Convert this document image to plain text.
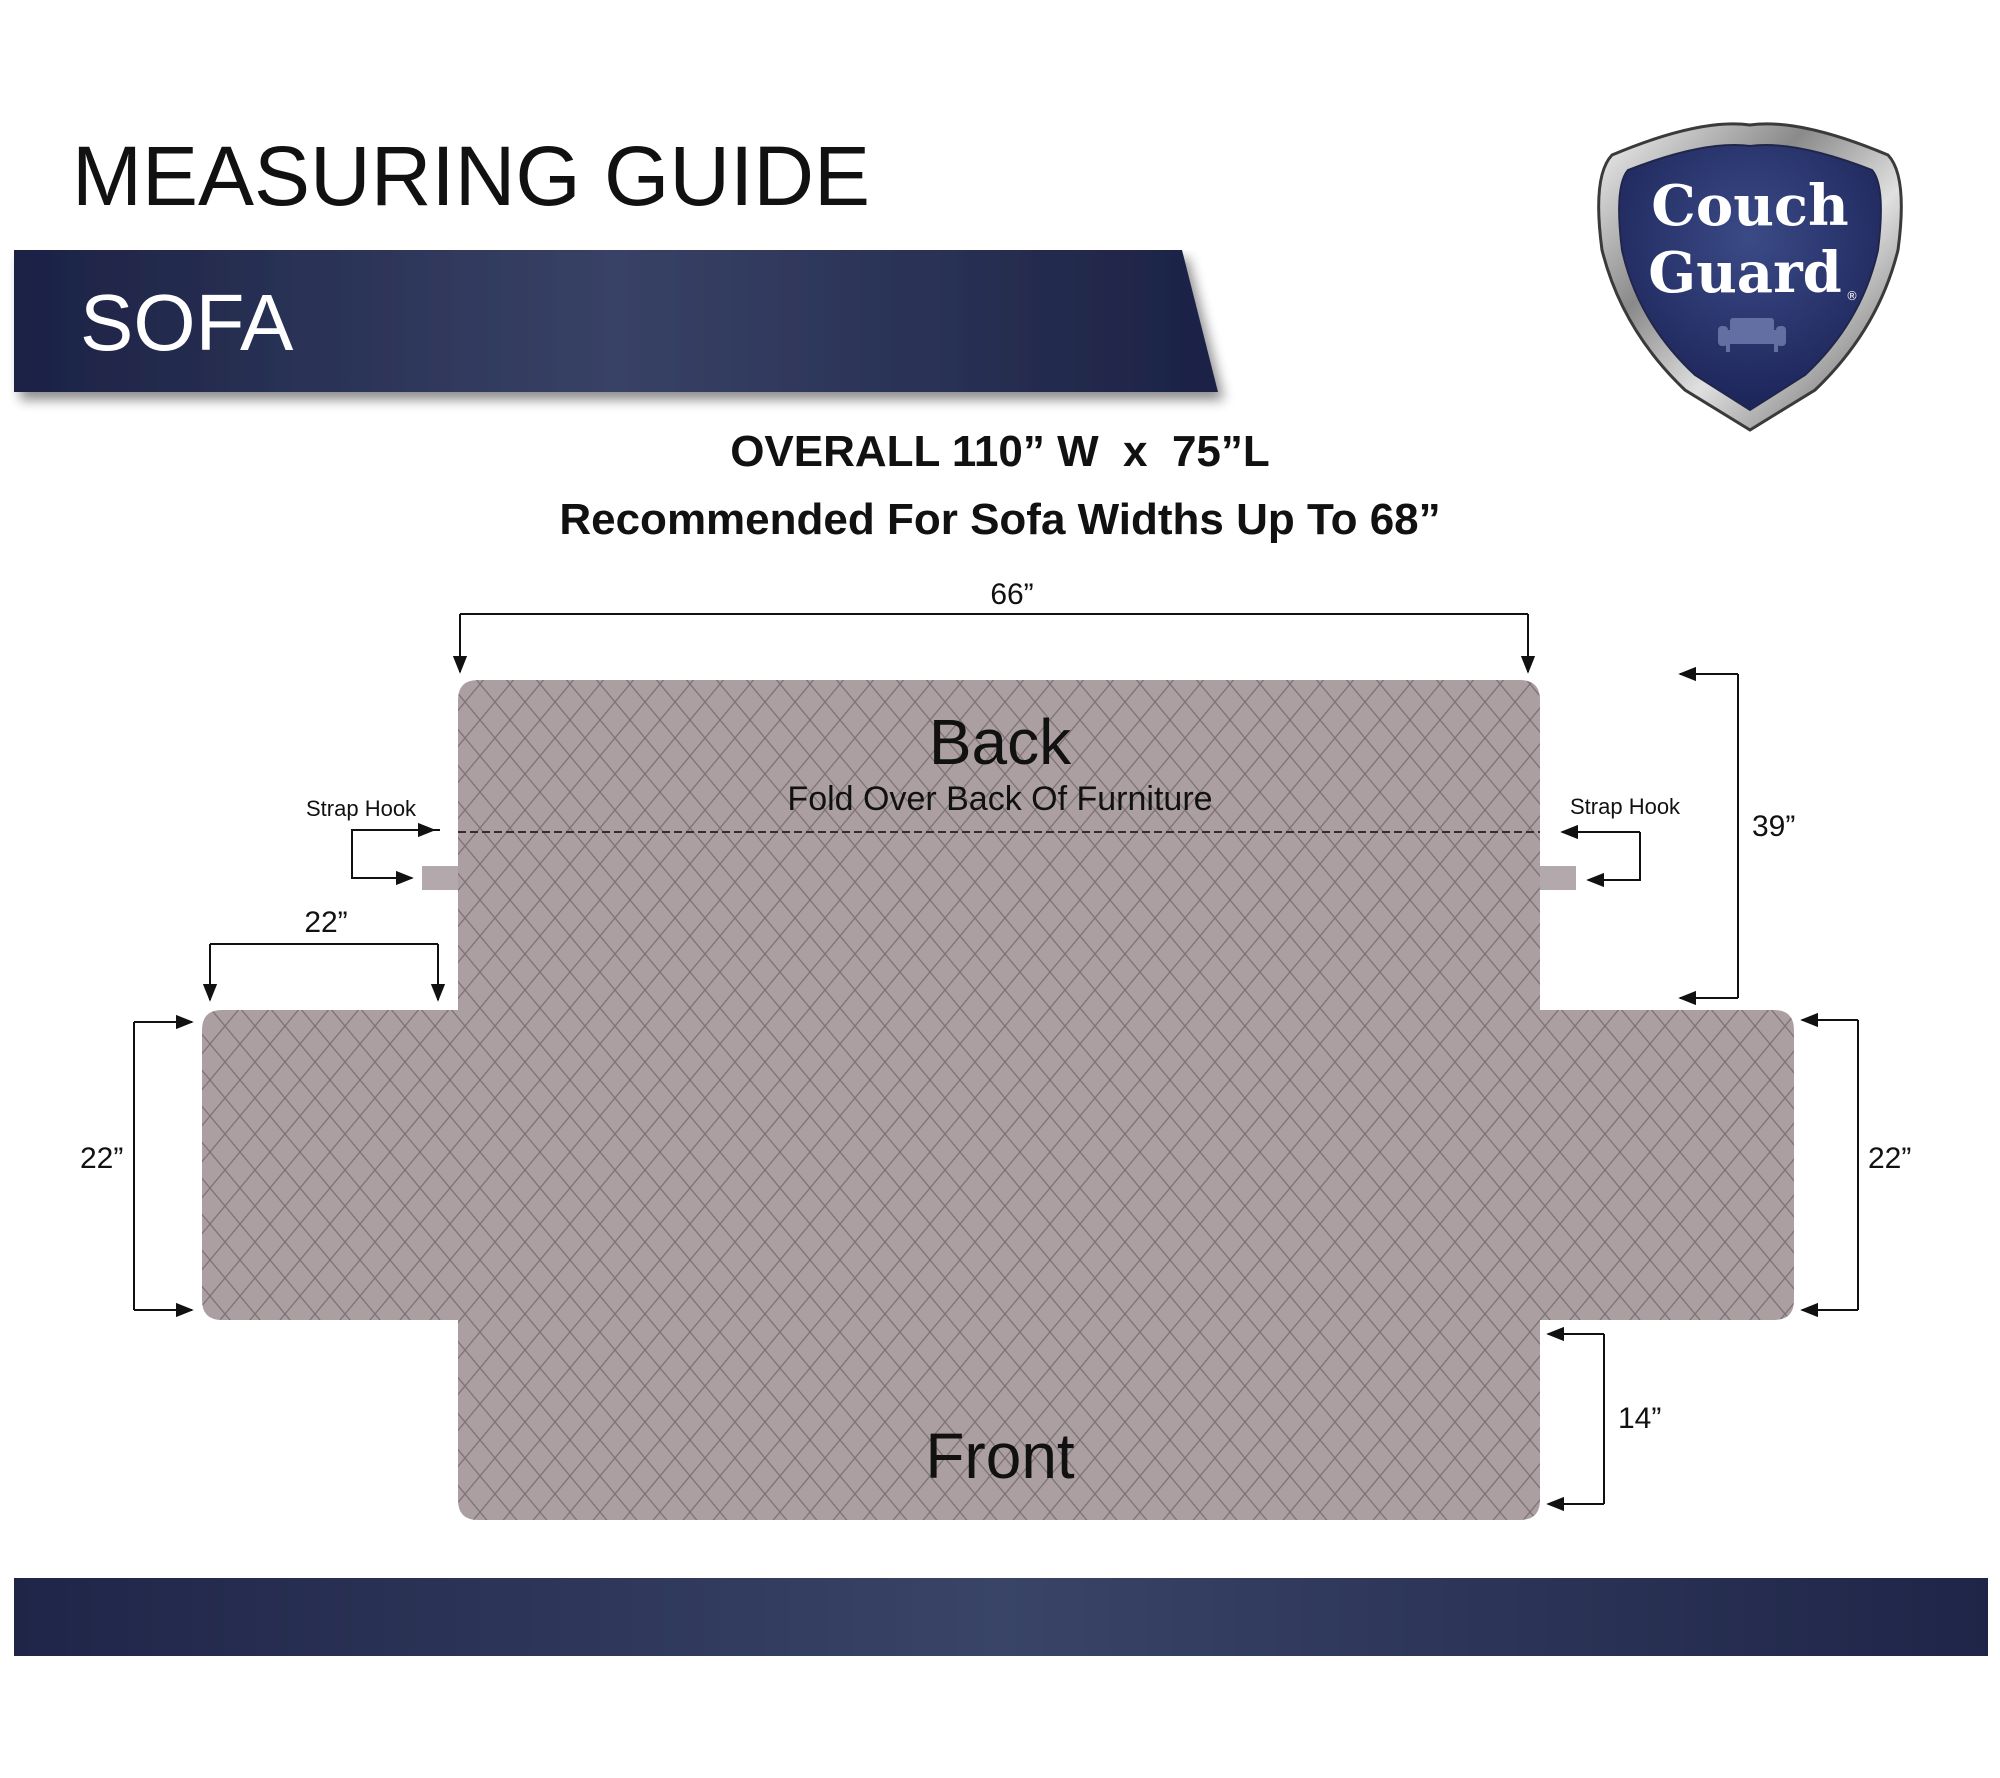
MEASURING GUIDE
SOFA
Couch
Guard ®
OVERALL 110” W  x  75”L
Recommended For Sofa Widths Up To 68”
Back
Fold Over Back Of Furniture
Front
Strap Hook	Strap Hook
66”
39”
22”
22”	22”
14”
